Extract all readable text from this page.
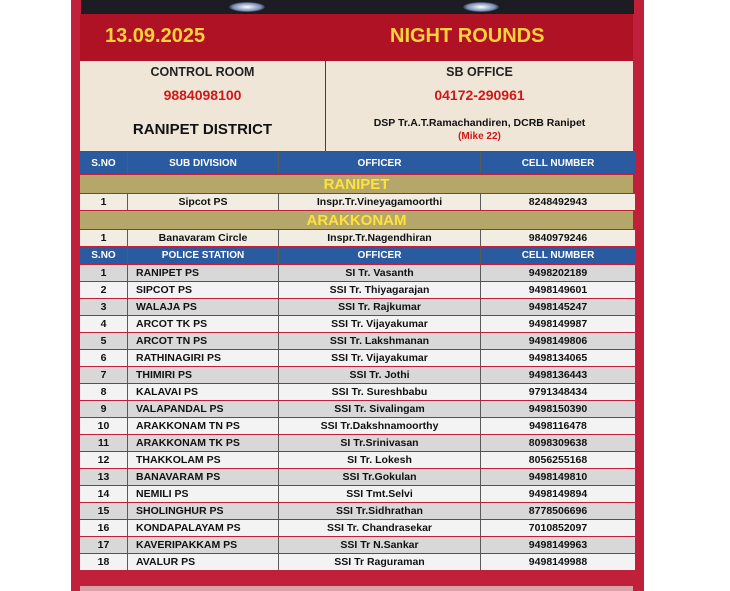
13.09.2025	NIGHT ROUNDS
CONTROL ROOM	SB OFFICE
9884098100	04172-290961
RANIPET DISTRICT	DSP Tr.A.T.Ramachandiren, DCRB Ranipet
(Mike 22)
S.NO	SUB DIVISION	OFFICER	CELL NUMBER
RANIPET
1	Sipcot PS	Inspr.Tr.Vineyagamoorthi	8248492943
ARAKKONAM
1	Banavaram Circle	Inspr.Tr.Nagendhiran	9840979246
S.NO	POLICE STATION	OFFICER	CELL NUMBER
1	RANIPET PS	SI Tr. Vasanth	9498202189
2	SIPCOT PS	SSI Tr. Thiyagarajan	9498149601
3	WALAJA PS	SSI Tr. Rajkumar	9498145247
4	ARCOT TK PS	SSI Tr. Vijayakumar	9498149987
5	ARCOT TN PS	SSI Tr. Lakshmanan	9498149806
6	RATHINAGIRI PS	SSI Tr. Vijayakumar	9498134065
7	THIMIRI PS	SSI Tr. Jothi	9498136443
8	KALAVAI PS	SSI Tr. Sureshbabu	9791348434
9	VALAPANDAL PS	SSI Tr. Sivalingam	9498150390
10	ARAKKONAM TN PS	SSI Tr.Dakshnamoorthy	9498116478
11	ARAKKONAM TK PS	SI Tr.Srinivasan	8098309638
12	THAKKOLAM PS	SI Tr. Lokesh	8056255168
13	BANAVARAM PS	SSI Tr.Gokulan	9498149810
14	NEMILI PS	SSI Tmt.Selvi	9498149894
15	SHOLINGHUR PS	SSI Tr.Sidhrathan	8778506696
16	KONDAPALAYAM PS	SSI Tr. Chandrasekar	7010852097
17	KAVERIPAKKAM PS	SSI Tr N.Sankar	9498149963
18	AVALUR PS	SSI Tr Raguraman	9498149988
